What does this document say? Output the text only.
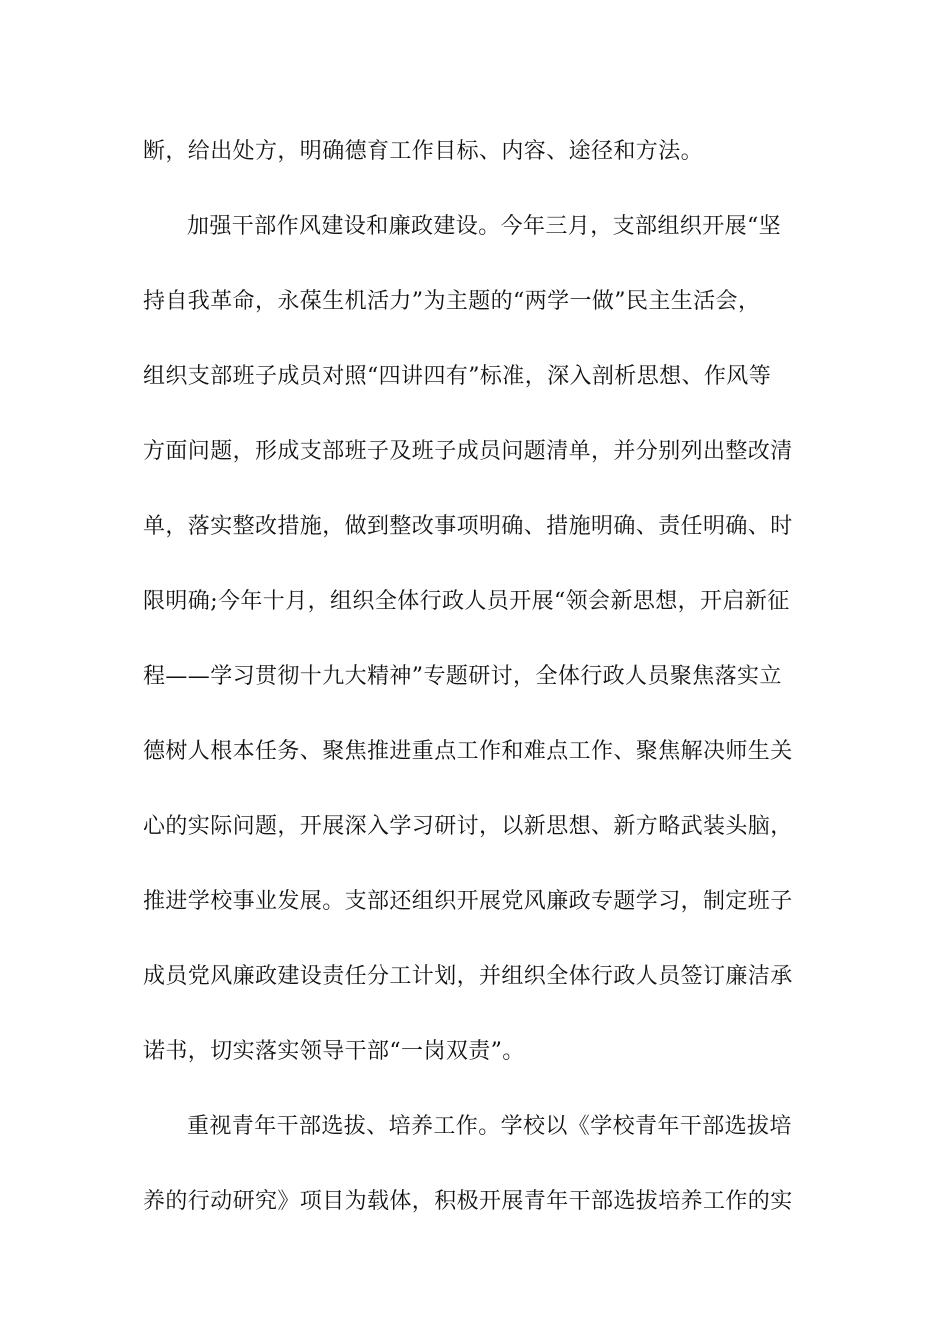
断，给出处方，明确德育工作目标、内容、途径和方法。
加强干部作风建设和廉政建设。今年三月，支部组织开展“坚
持自我革命，永葆生机活力”为主题的“两学一做”民主生活会，
组织支部班子成员对照“四讲四有”标准，深入剖析思想、作风等
方面问题，形成支部班子及班子成员问题清单，并分别列出整改清
单，落实整改措施，做到整改事项明确、措施明确、责任明确、时
限明确;今年十月，组织全体行政人员开展“领会新思想，开启新征
程——学习贯彻十九大精神”专题研讨，全体行政人员聚焦落实立
德树人根本任务、聚焦推进重点工作和难点工作、聚焦解决师生关
心的实际问题，开展深入学习研讨，以新思想、新方略武装头脑，
推进学校事业发展。支部还组织开展党风廉政专题学习，制定班子
成员党风廉政建设责任分工计划，并组织全体行政人员签订廉洁承
诺书，切实落实领导干部“一岗双责”。
重视青年干部选拔、培养工作。学校以《学校青年干部选拔培
养的行动研究》项目为载体，积极开展青年干部选拔培养工作的实
